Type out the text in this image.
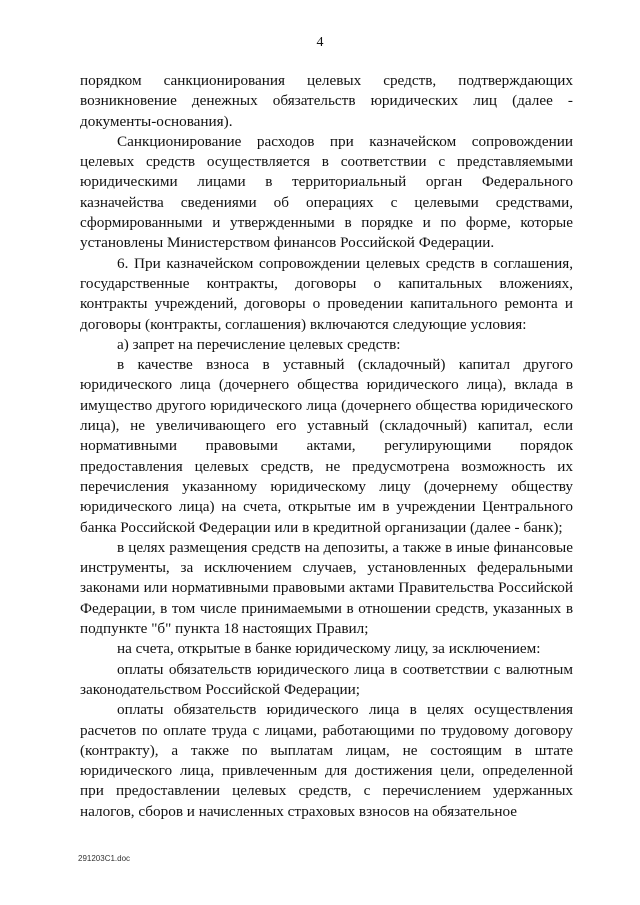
4

порядком санкционирования целевых средств, подтверждающих возникновение денежных обязательств юридических лиц (далее - документы-основания).

Санкционирование расходов при казначейском сопровождении целевых средств осуществляется в соответствии с представляемыми юридическими лицами в территориальный орган Федерального казначейства сведениями об операциях с целевыми средствами, сформированными и утвержденными в порядке и по форме, которые установлены Министерством финансов Российской Федерации.

6. При казначейском сопровождении целевых средств в соглашения, государственные контракты, договоры о капитальных вложениях, контракты учреждений, договоры о проведении капитального ремонта и договоры (контракты, соглашения) включаются следующие условия:

а) запрет на перечисление целевых средств:

в качестве взноса в уставный (складочный) капитал другого юридического лица (дочернего общества юридического лица), вклада в имущество другого юридического лица (дочернего общества юридического лица), не увеличивающего его уставный (складочный) капитал, если нормативными правовыми актами, регулирующими порядок предоставления целевых средств, не предусмотрена возможность их перечисления указанному юридическому лицу (дочернему обществу юридического лица) на счета, открытые им в учреждении Центрального банка Российской Федерации или в кредитной организации (далее - банк);

в целях размещения средств на депозиты, а также в иные финансовые инструменты, за исключением случаев, установленных федеральными законами или нормативными правовыми актами Правительства Российской Федерации, в том числе принимаемыми в отношении средств, указанных в подпункте "б" пункта 18 настоящих Правил;

на счета, открытые в банке юридическому лицу, за исключением:

оплаты обязательств юридического лица в соответствии с валютным законодательством Российской Федерации;

оплаты обязательств юридического лица в целях осуществления расчетов по оплате труда с лицами, работающими по трудовому договору (контракту), а также по выплатам лицам, не состоящим в штате юридического лица, привлеченным для достижения цели, определенной при предоставлении целевых средств, с перечислением удержанных налогов, сборов и начисленных страховых взносов на обязательное

291203C1.doc
